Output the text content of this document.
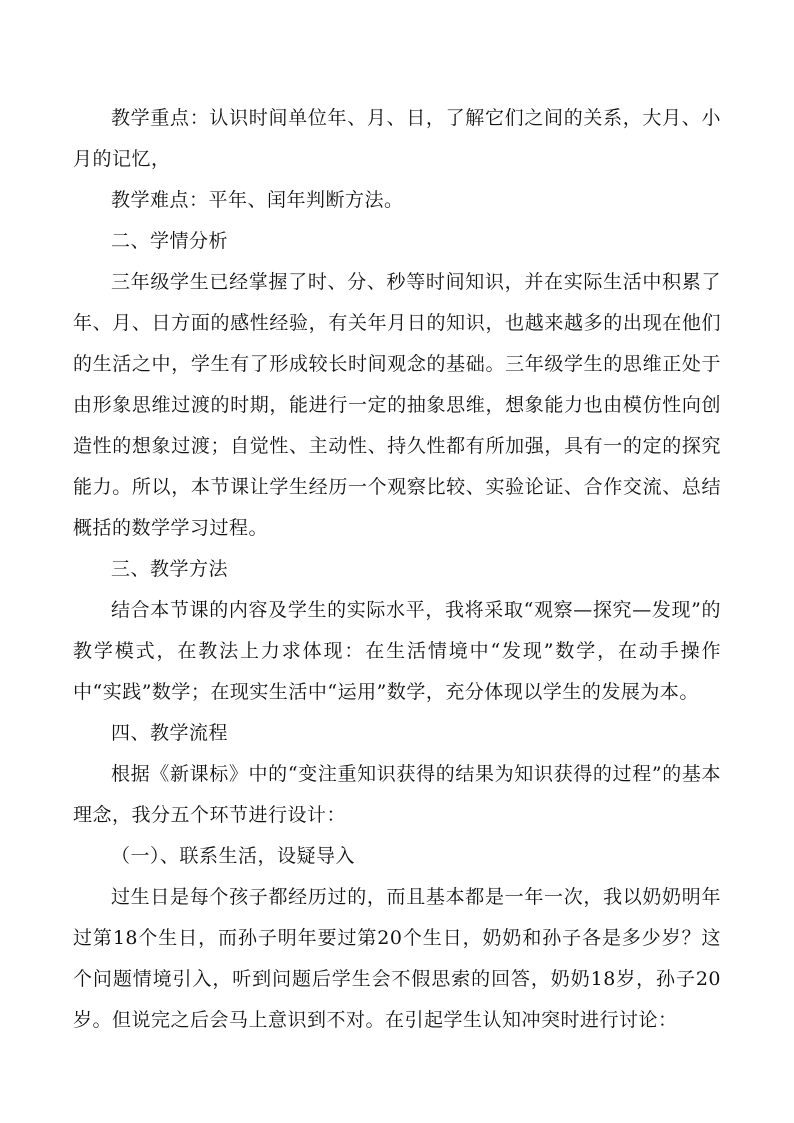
教学重点：认识时间单位年、月、日，了解它们之间的关系，大月、小月的记忆，

教学难点：平年、闰年判断方法。

二、学情分析

三年级学生已经掌握了时、分、秒等时间知识，并在实际生活中积累了年、月、日方面的感性经验，有关年月日的知识，也越来越多的出现在他们的生活之中，学生有了形成较长时间观念的基础。三年级学生的思维正处于由形象思维过渡的时期，能进行一定的抽象思维，想象能力也由模仿性向创造性的想象过渡；自觉性、主动性、持久性都有所加强，具有一的定的探究能力。所以，本节课让学生经历一个观察比较、实验论证、合作交流、总结概括的数学学习过程。

三、教学方法

结合本节课的内容及学生的实际水平，我将采取“观察—探究—发现”的教学模式，在教法上力求体现：在生活情境中“发现”数学，在动手操作中“实践”数学；在现实生活中“运用”数学，充分体现以学生的发展为本。

四、教学流程

根据《新课标》中的“变注重知识获得的结果为知识获得的过程”的基本理念，我分五个环节进行设计：

（一）、联系生活，设疑导入

过生日是每个孩子都经历过的，而且基本都是一年一次，我以奶奶明年过第18个生日，而孙子明年要过第20个生日，奶奶和孙子各是多少岁？这个问题情境引入，听到问题后学生会不假思索的回答，奶奶18岁，孙子20岁。但说完之后会马上意识到不对。在引起学生认知冲突时进行讨论：
